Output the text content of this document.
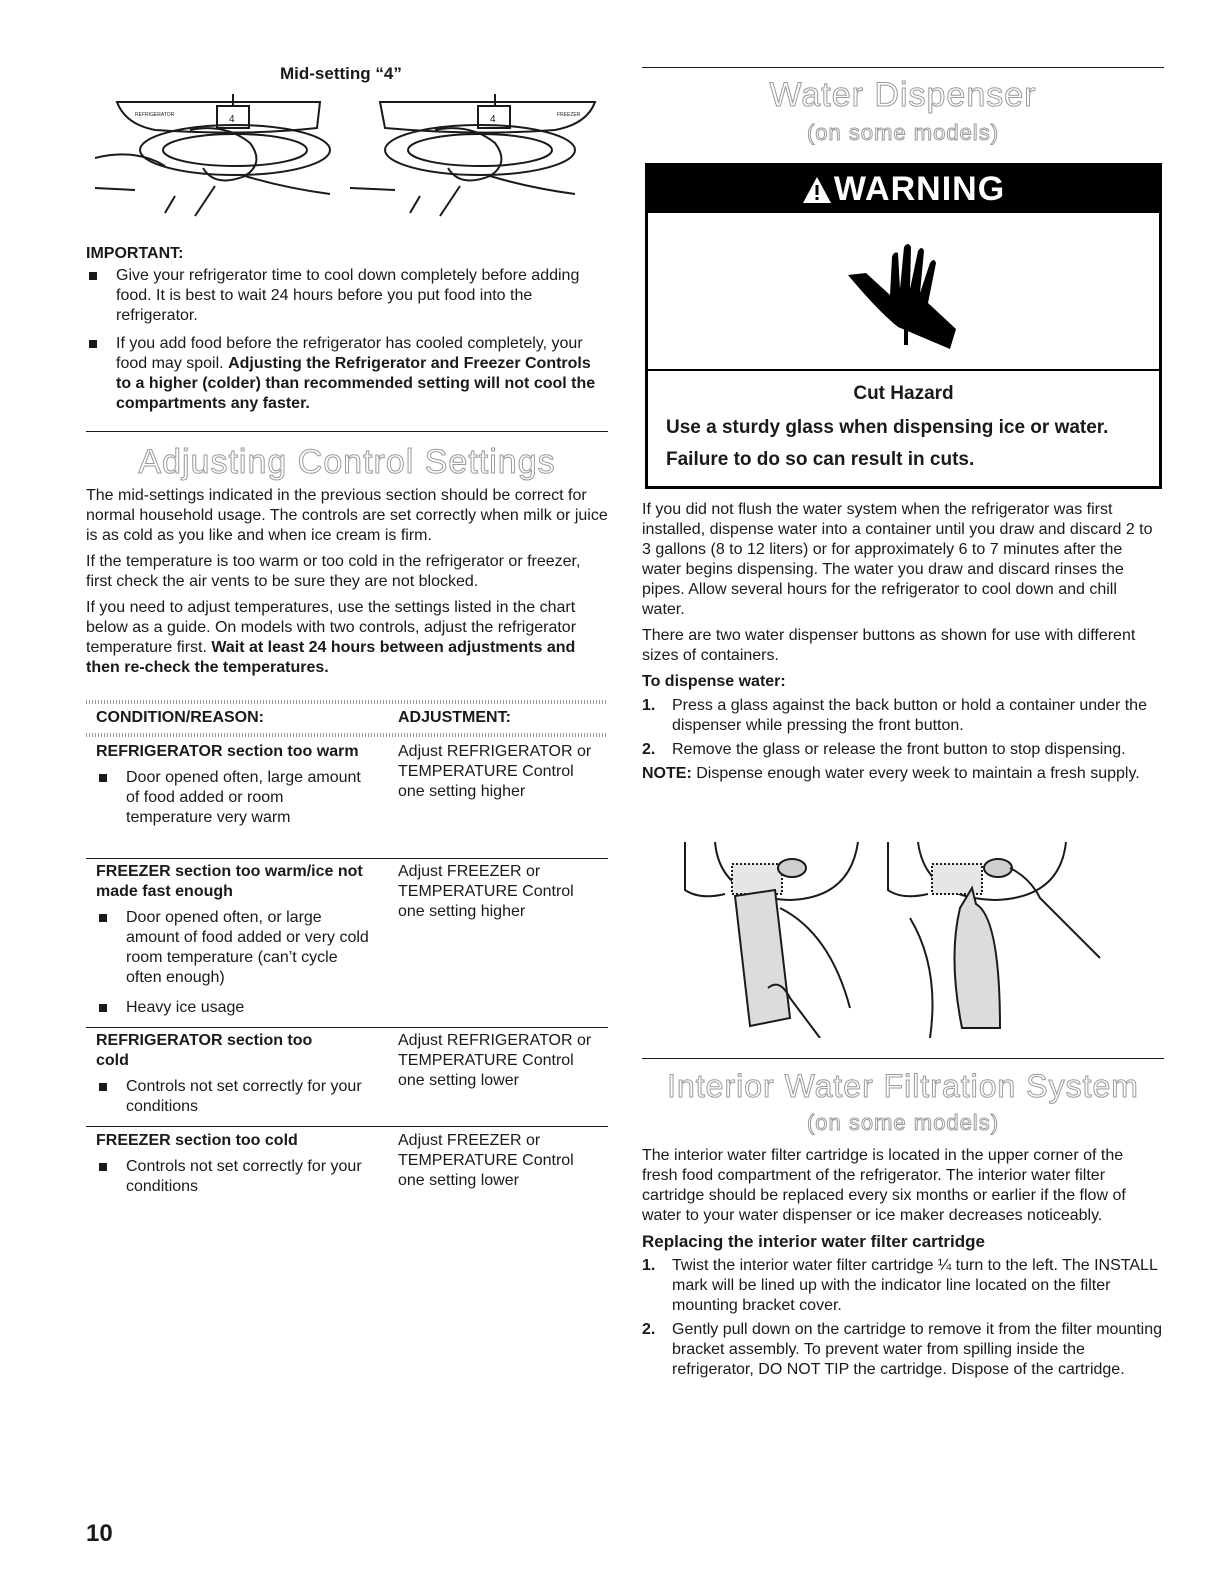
Mid-setting “4”
REFRIGERATOR	4	FREEZER
4
IMPORTANT:
Give your refrigerator time to cool down completely before adding food. It is best to wait 24 hours before you put food into the refrigerator.
If you add food before the refrigerator has cooled completely, your food may spoil. Adjusting the Refrigerator and Freezer Controls to a higher (colder) than recommended setting will not cool the compartments any faster.
Adjusting Control Settings

The mid-settings indicated in the previous section should be correct for normal household usage. The controls are set correctly when milk or juice is as cold as you like and when ice cream is firm.

If the temperature is too warm or too cold in the refrigerator or freezer, first check the air vents to be sure they are not blocked.

If you need to adjust temperatures, use the settings listed in the chart below as a guide. On models with two controls, adjust the refrigerator temperature first. Wait at least 24 hours between adjustments and then re-check the temperatures.

CONDITION/REASON:	ADJUSTMENT:
REFRIGERATOR section too warm
Door opened often, large amount of food added or room temperature very warm
Adjust REFRIGERATOR or TEMPERATURE Control one setting higher
FREEZER section too warm/ice not made fast enough
Door opened often, or large amount of food added or very cold room temperature (can’t cycle often enough)
Heavy ice usage
Adjust FREEZER or TEMPERATURE Control one setting higher
REFRIGERATOR section too cold
Controls not set correctly for your conditions
Adjust REFRIGERATOR or TEMPERATURE Control one setting lower
FREEZER section too cold
Controls not set correctly for your conditions
Adjust FREEZER or TEMPERATURE Control one setting lower
10
Water Dispenser
(on some models)
WARNING
Cut Hazard
Use a sturdy glass when dispensing ice or water.
Failure to do so can result in cuts.

If you did not flush the water system when the refrigerator was first installed, dispense water into a container until you draw and discard 2 to 3 gallons (8 to 12 liters) or for approximately 6 to 7 minutes after the water begins dispensing. The water you draw and discard rinses the pipes. Allow several hours for the refrigerator to cool down and chill water.

There are two water dispenser buttons as shown for use with different sizes of containers.

To dispense water:

1. Press a glass against the back button or hold a container under the dispenser while pressing the front button.
2. Remove the glass or release the front button to stop dispensing.

NOTE: Dispense enough water every week to maintain a fresh supply.

Interior Water Filtration System
(on some models)

The interior water filter cartridge is located in the upper corner of the fresh food compartment of the refrigerator. The interior water filter cartridge should be replaced every six months or earlier if the flow of water to your water dispenser or ice maker decreases noticeably.

Replacing the interior water filter cartridge

1. Twist the interior water filter cartridge ¼ turn to the left. The INSTALL mark will be lined up with the indicator line located on the filter mounting bracket cover.
2. Gently pull down on the cartridge to remove it from the filter mounting bracket assembly. To prevent water from spilling inside the refrigerator, DO NOT TIP the cartridge. Dispose of the cartridge.
